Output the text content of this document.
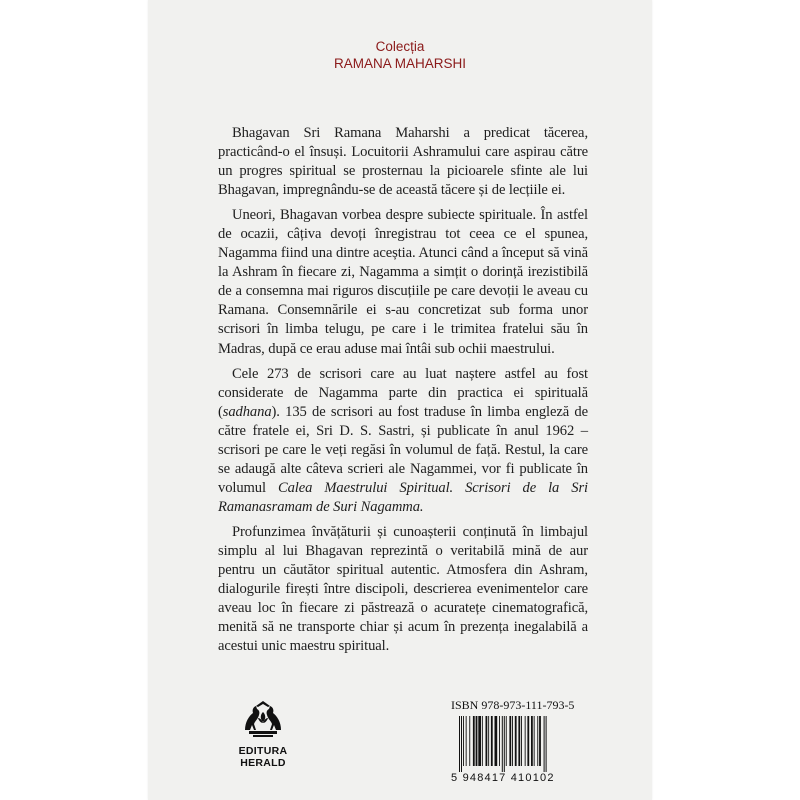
Colecția
RAMANA MAHARSHI

Bhagavan Sri Ramana Maharshi a predicat tăcerea, practicând-o el însuși. Locuitorii Ashramului care aspirau către un progres spiritual se prosternau la picioarele sfinte ale lui Bhagavan, impregnându-se de această tăcere și de lecțiile ei.

Uneori, Bhagavan vorbea despre subiecte spirituale. În astfel de ocazii, câțiva devoți înregistrau tot ceea ce el spunea, Nagamma fiind una dintre aceștia. Atunci când a început să vină la Ashram în fiecare zi, Nagamma a simțit o dorință irezistibilă de a consemna mai riguros discuțiile pe care devoții le aveau cu Ramana. Consemnările ei s-au concretizat sub forma unor scrisori în limba telugu, pe care i le trimitea fratelui său în Madras, după ce erau aduse mai întâi sub ochii maestrului.

Cele 273 de scrisori care au luat naștere astfel au fost considerate de Nagamma parte din practica ei spirituală (sadhana). 135 de scrisori au fost traduse în limba engleză de către fratele ei, Sri D. S. Sastri, și publicate în anul 1962 – scrisori pe care le veți regăsi în volumul de față. Restul, la care se adaugă alte câteva scrieri ale Nagammei, vor fi publicate în volumul Calea Maestrului Spiritual. Scrisori de la Sri Ramanasramam de Suri Nagamma.

Profunzimea învățăturii și cunoașterii conținută în limbajul simplu al lui Bhagavan reprezintă o veritabilă mină de aur pentru un căutător spiritual autentic. Atmosfera din Ashram, dialogurile firești între discipoli, descrierea evenimentelor care aveau loc în fiecare zi păstrează o acuratețe cinematografică, menită să ne transporte chiar și acum în prezența inegalabilă a acestui unic maestru spiritual.

EDITURA
HERALD
ISBN 978-973-111-793-5
5 948417 410102
